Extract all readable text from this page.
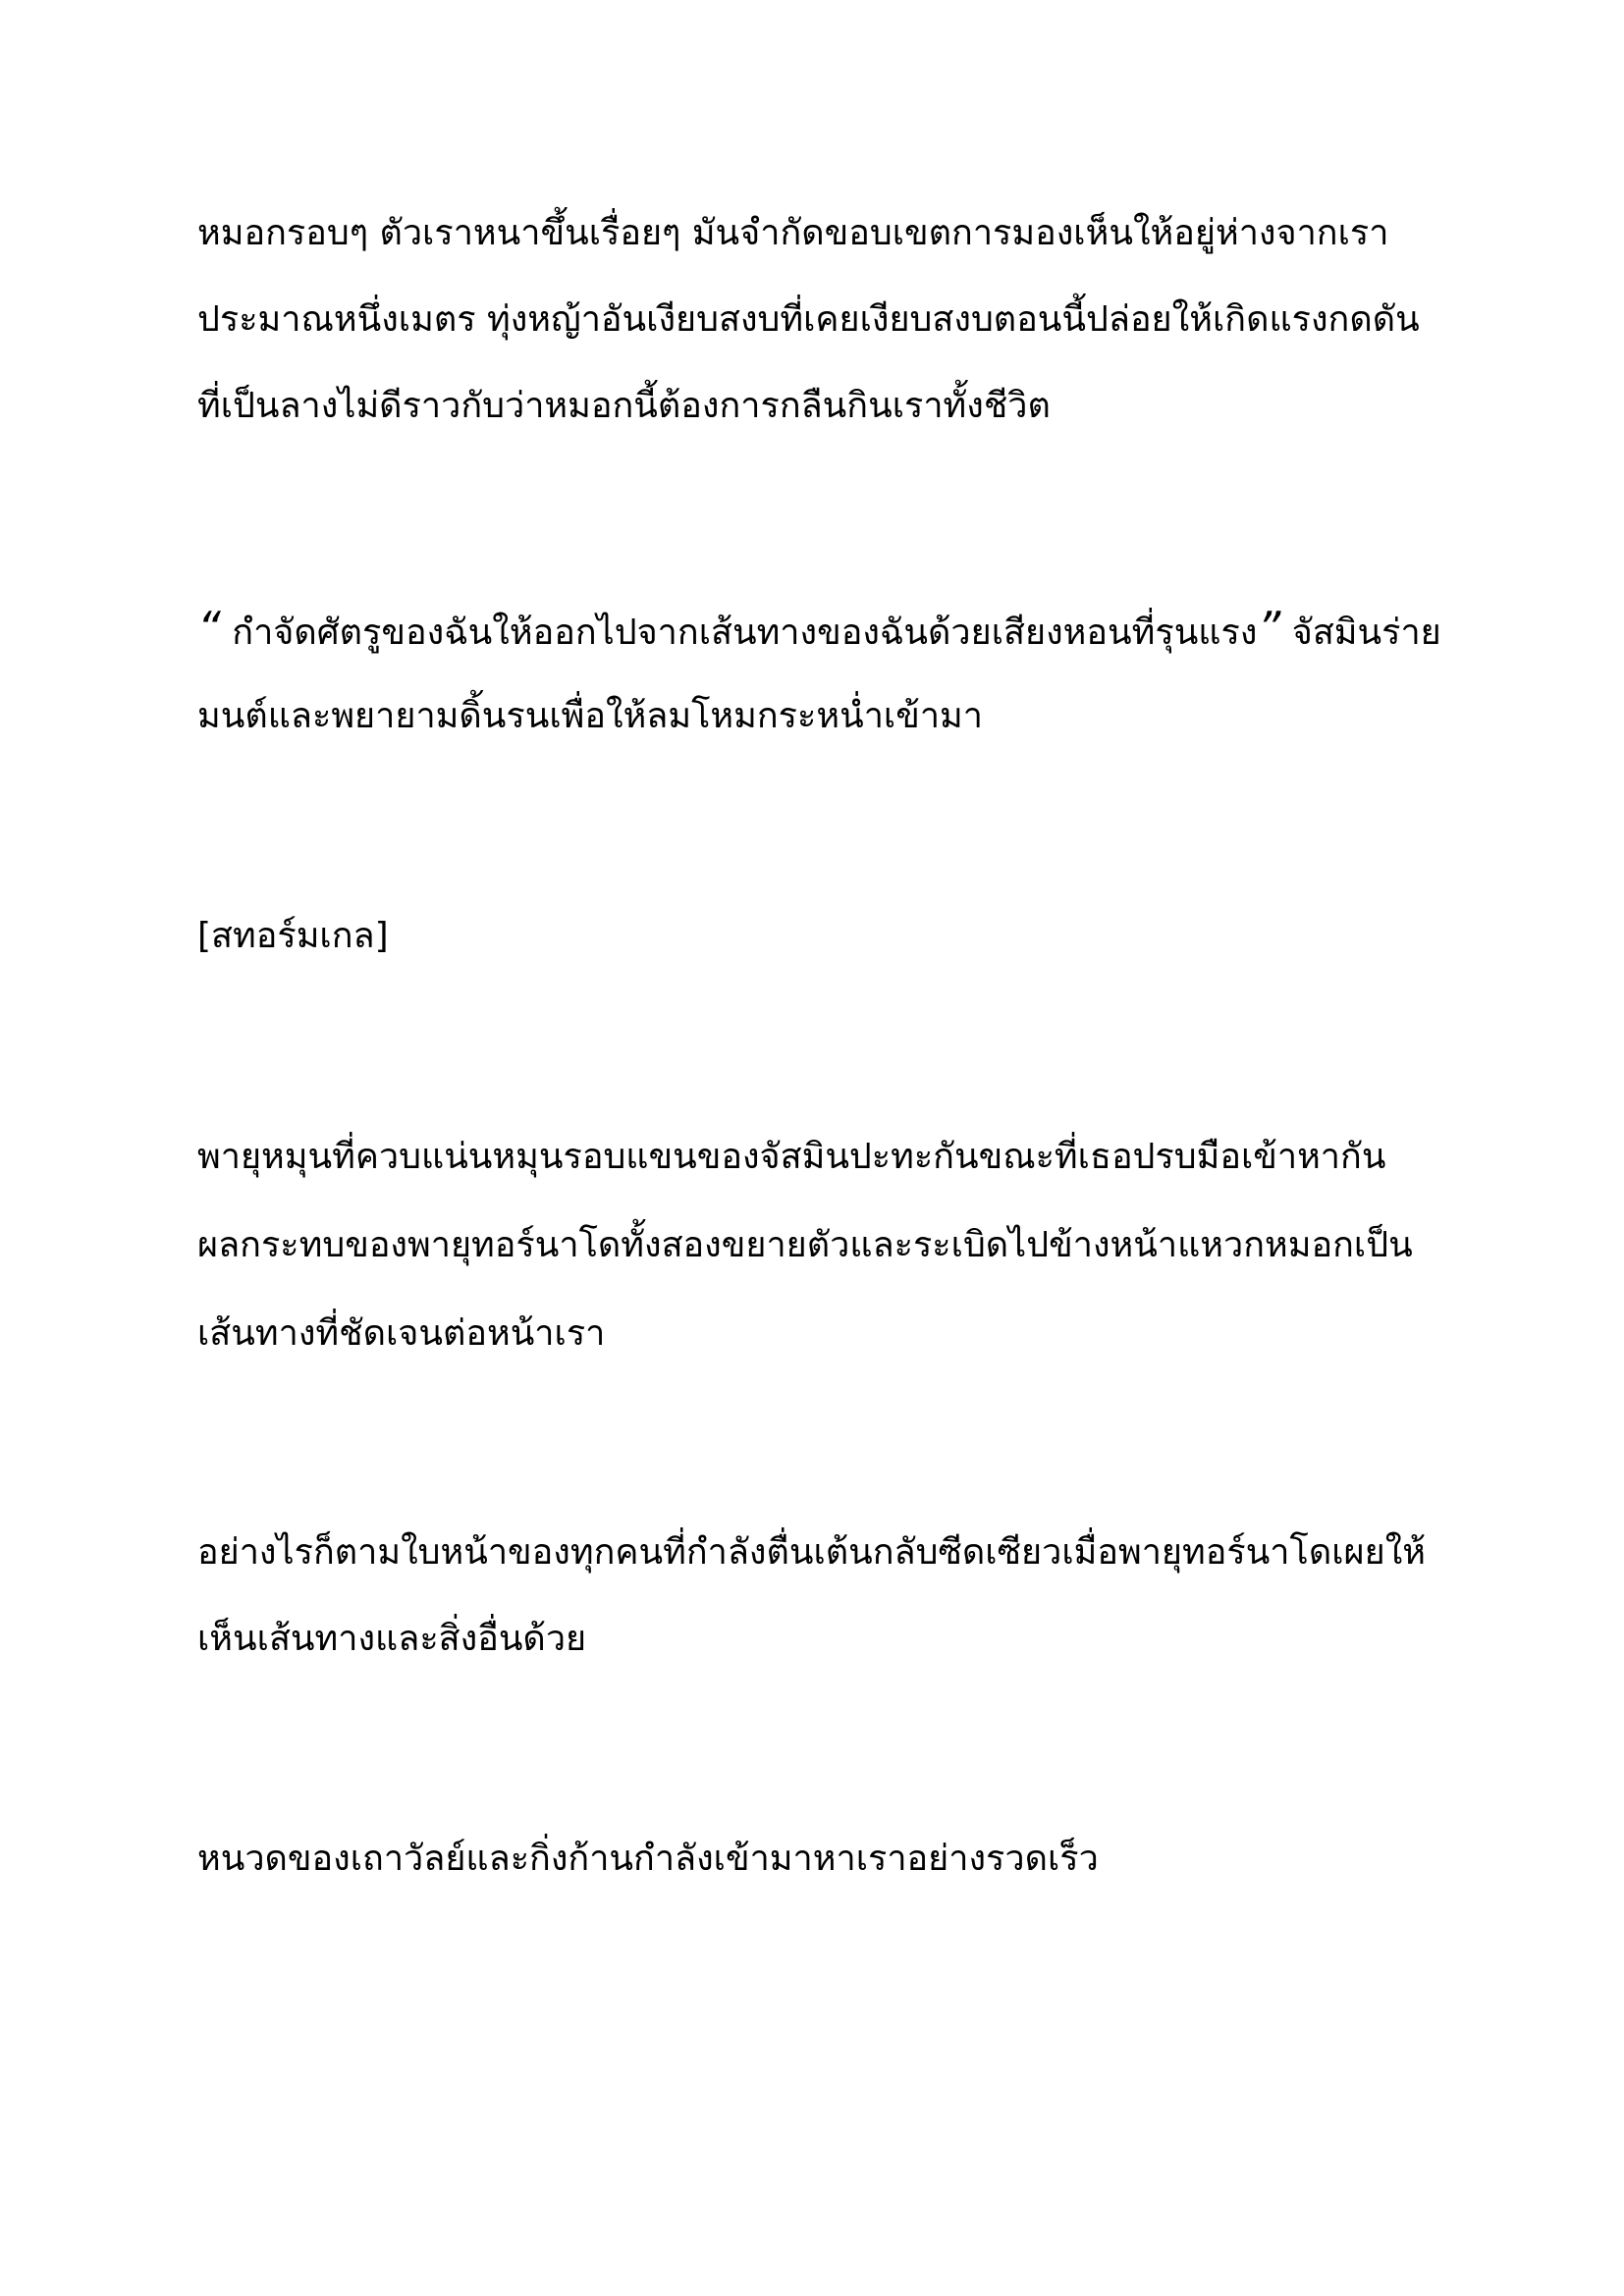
หมอกรอบๆ ตัวเราหนาขึ้นเรื่อยๆ มันจำกัดขอบเขตการมองเห็นให้อยู่ห่างจากเรา
ประมาณหนึ่งเมตร ทุ่งหญ้าอันเงียบสงบที่เคยเงียบสงบตอนนี้ปล่อยให้เกิดแรงกดดัน
ที่เป็นลางไม่ดีราวกับว่าหมอกนี้ต้องการกลืนกินเราทั้งชีวิต
“ กำจัดศัตรูของฉันให้ออกไปจากเส้นทางของฉันด้วยเสียงหอนที่รุนแรง” จัสมินร่าย
มนต์และพยายามดิ้นรนเพื่อให้ลมโหมกระหน่ำเข้ามา
[สทอร์มเกล]
พายุหมุนที่ควบแน่นหมุนรอบแขนของจัสมินปะทะกันขณะที่เธอปรบมือเข้าหากัน
ผลกระทบของพายุทอร์นาโดทั้งสองขยายตัวและระเบิดไปข้างหน้าแหวกหมอกเป็น
เส้นทางที่ชัดเจนต่อหน้าเรา
อย่างไรก็ตามใบหน้าของทุกคนที่กำลังตื่นเต้นกลับซีดเซียวเมื่อพายุทอร์นาโดเผยให้
เห็นเส้นทางและสิ่งอื่นด้วย
หนวดของเถาวัลย์และกิ่งก้านกำลังเข้ามาหาเราอย่างรวดเร็ว
